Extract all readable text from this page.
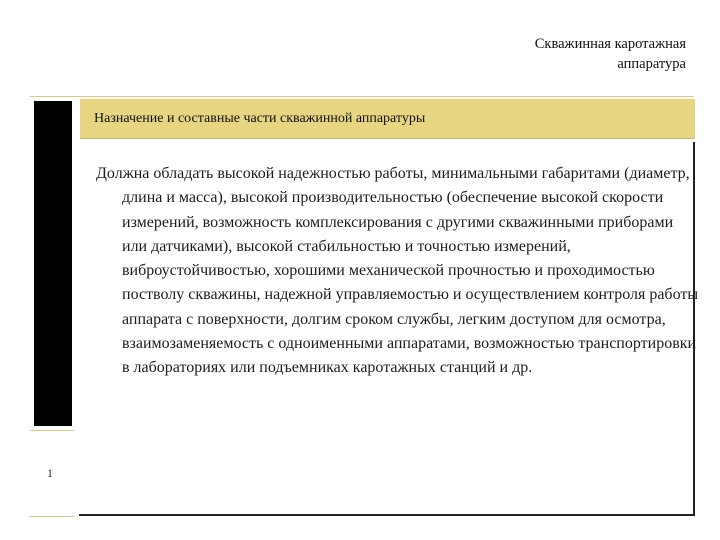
Скважинная каротажная
аппаратура
Назначение и составные части скважинной аппаратуры

Должна обладать высокой надежностью работы, минимальными габаритами (диаметр, длина и масса), высокой производительностью (обеспечение высокой скорости измерений, возможность комплексирования с другими скважинными приборами или датчиками), высокой стабильностью и точностью измерений, виброустойчивостью, хорошими механической прочностью и проходимостью постволу скважины, надежной управляемостью и осуществлением контроля работы аппарата с поверхности, долгим сроком службы, легким доступом для осмотра, взаимозаменяемость с одноименными аппаратами, возможностью транспортировки в лабораториях или подъемниках каротажных станций и др.

1
